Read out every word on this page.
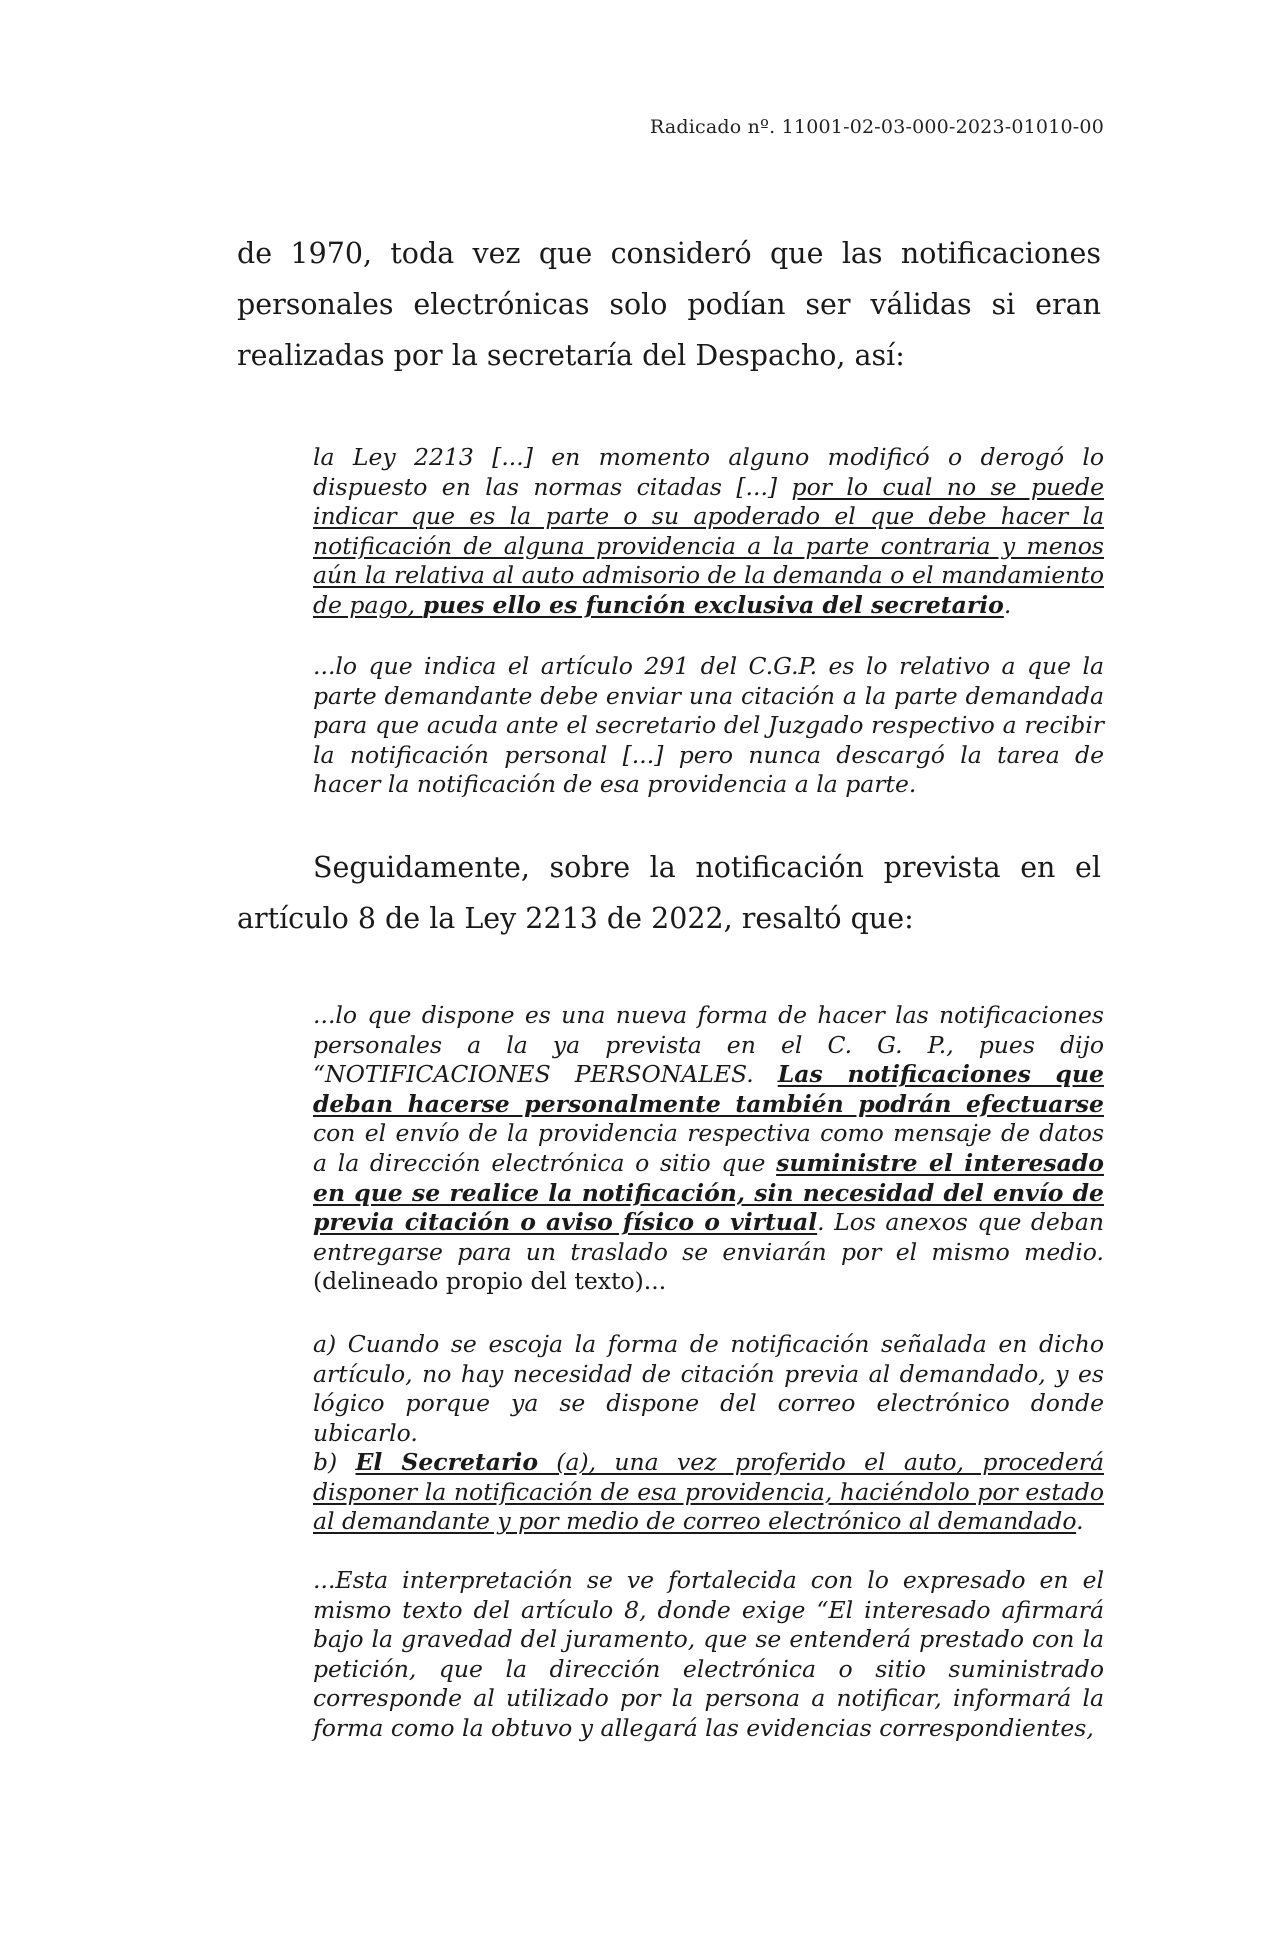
Radicado nº. 11001-02-03-000-2023-01010-00
de 1970, toda vez que consideró que las notificaciones personales electrónicas solo podían ser válidas si eran realizadas por la secretaría del Despacho, así:
la Ley 2213 [...] en momento alguno modificó o derogó lo dispuesto en las normas citadas [...] por lo cual no se puede indicar que es la parte o su apoderado el que debe hacer la notificación de alguna providencia a la parte contraria y menos aún la relativa al auto admisorio de la demanda o el mandamiento de pago, pues ello es función exclusiva del secretario.
...lo que indica el artículo 291 del C.G.P. es lo relativo a que la parte demandante debe enviar una citación a la parte demandada para que acuda ante el secretario del Juzgado respectivo a recibir la notificación personal [...] pero nunca descargó la tarea de hacer la notificación de esa providencia a la parte.
Seguidamente, sobre la notificación prevista en el artículo 8 de la Ley 2213 de 2022, resaltó que:
...lo que dispone es una nueva forma de hacer las notificaciones personales a la ya prevista en el C. G. P., pues dijo “NOTIFICACIONES PERSONALES. Las notificaciones que deban hacerse personalmente también podrán efectuarse con el envío de la providencia respectiva como mensaje de datos a la dirección electrónica o sitio que suministre el interesado en que se realice la notificación, sin necesidad del envío de previa citación o aviso físico o virtual. Los anexos que deban entregarse para un traslado se enviarán por el mismo medio. (delineado propio del texto)...
a) Cuando se escoja la forma de notificación señalada en dicho artículo, no hay necesidad de citación previa al demandado, y es lógico porque ya se dispone del correo electrónico donde ubicarlo.
b) El Secretario (a), una vez proferido el auto, procederá disponer la notificación de esa providencia, haciéndolo por estado al demandante y por medio de correo electrónico al demandado.
...Esta interpretación se ve fortalecida con lo expresado en el mismo texto del artículo 8, donde exige “El interesado afirmará bajo la gravedad del juramento, que se entenderá prestado con la petición, que la dirección electrónica o sitio suministrado corresponde al utilizado por la persona a notificar, informará la forma como la obtuvo y allegará las evidencias correspondientes,
